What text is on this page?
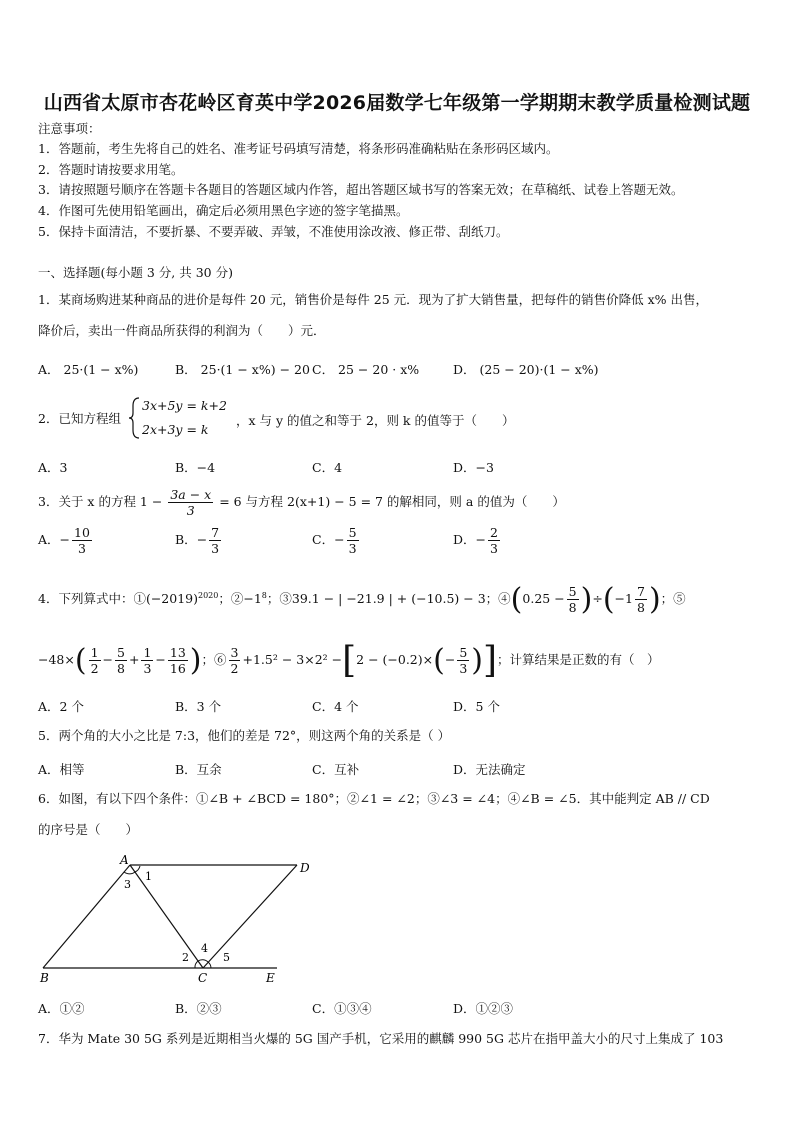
山西省太原市杏花岭区育英中学2026届数学七年级第一学期期末教学质量检测试题
注意事项：
1．答题前，考生先将自己的姓名、准考证号码填写清楚，将条形码准确粘贴在条形码区域内。
2．答题时请按要求用笔。
3．请按照题号顺序在答题卡各题目的答题区域内作答，超出答题区域书写的答案无效；在草稿纸、试卷上答题无效。
4．作图可先使用铅笔画出，确定后必须用黑色字迹的签字笔描黑。
5．保持卡面清洁，不要折暴、不要弄破、弄皱，不准使用涂改液、修正带、刮纸刀。
一、选择题(每小题 3 分, 共 30 分)
1．某商场购进某种商品的进价是每件 20 元，销售价是每件 25 元．现为了扩大销售量，把每件的销售价降低 x% 出售，
降价后，卖出一件商品所获得的利润为（　　）元．
A． 25·(1 − x%)	B． 25·(1 − x%) − 20 C． 25 − 20 · x%	D． (25 − 20)·(1 − x%)
2．已知方程组
3x+5y = k+2
2x+3y = k
，x 与 y 的值之和等于 2，则 k 的值等于（　　）
A．3	B．−4	C．4	D．−3
3．关于 x 的方程 $1 - \frac{3a - x}{3} = 6$ 与方程 2(x+1) − 5 = 7 的解相同，则 a 的值为（　　）
A．− $\frac{10}{3}$	B．− $\frac{7}{3}$	C．− $\frac{5}{3}$	D．− $\frac{2}{3}$
4．下列算式中：$①(-2019)^{2020}$；$②-1^8$；③39.1 − | −21.9 | + (−10.5) − 3；④(0.25 − $\frac{5}{8} )\div(-1 \frac{7}{8}$ )；⑤
$-48\times( \frac{1}{2} - \frac{5}{8} + \frac{1}{3} - \frac{13}{16}$ )；⑥ $\frac{3}{2} +1.5^2 - 3\times 2^2 -[2 - (-0.2)\times(- \frac{5}{3}$ )]；计算结果是正数的有（　）
A．2 个	B．3 个	C．4 个	D．5 个
5．两个角的大小之比是 7:3，他们的差是 72°，则这两个角的关系是（ ）
A．相等	B．互余	C．互补	D．无法确定
6．如图，有以下四个条件：①∠B + ∠BCD = 180°；②∠1 = ∠2；③∠3 = ∠4；④∠B = ∠5．其中能判定 AB // CD
的序号是（　　）
A
D
B	C	E
1
3
2
4
5
A．①②	B．②③	C．①③④	D．①②③
7．华为 Mate 30 5G 系列是近期相当火爆的 5G 国产手机，它采用的麒麟 990 5G 芯片在指甲盖大小的尺寸上集成了 103
